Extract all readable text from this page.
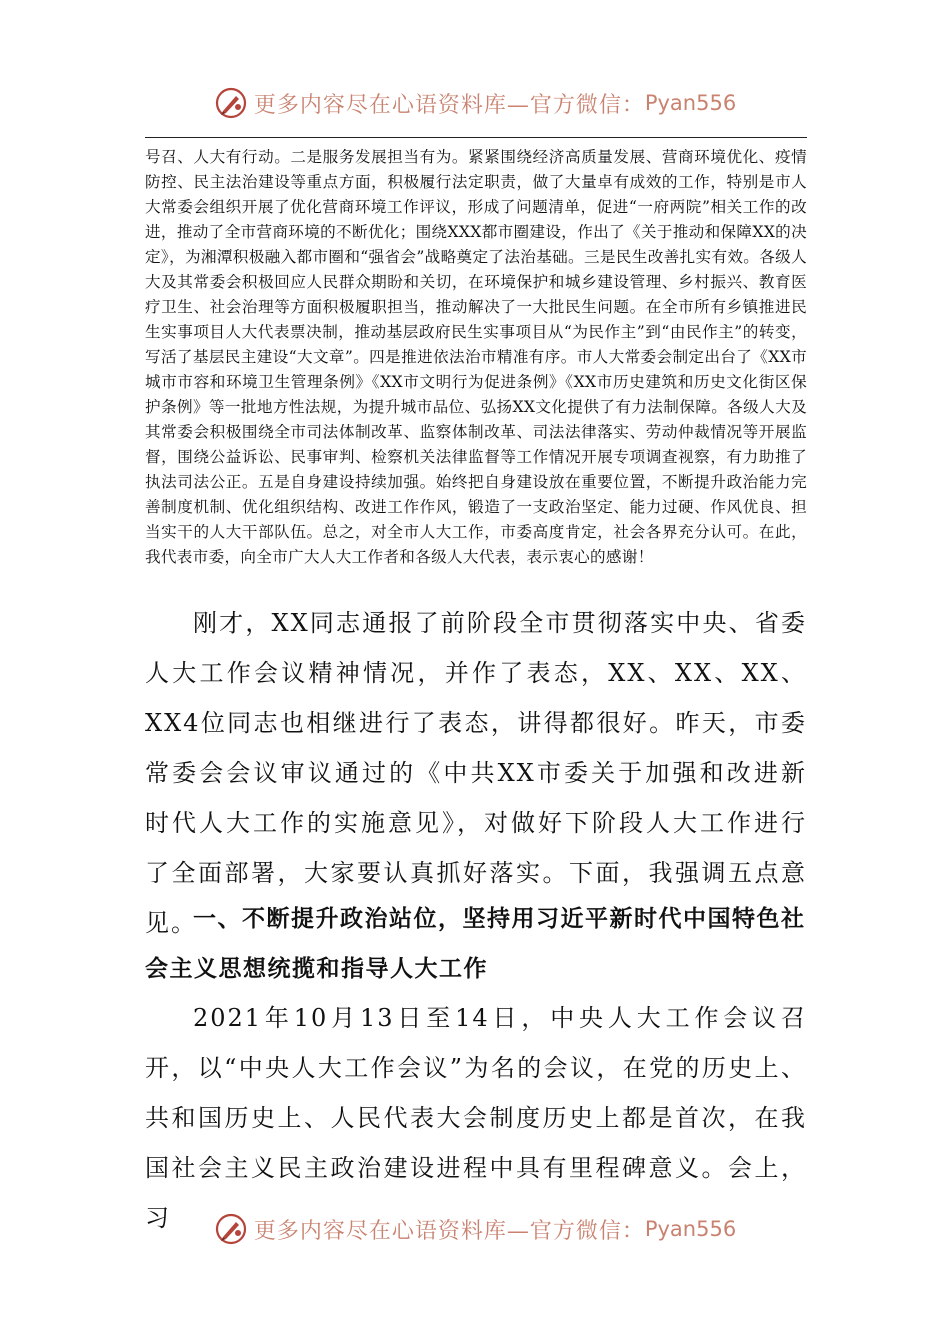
更多内容尽在心语资料库—官方微信： Pyan556
号召、人大有行动。二是服务发展担当有为。紧紧围绕经济高质量发展、营商环境优化、疫情防控、民主法治建设等重点方面，积极履行法定职责，做了大量卓有成效的工作，特别是市人大常委会组织开展了优化营商环境工作评议，形成了问题清单，促进“一府两院”相关工作的改进，推动了全市营商环境的不断优化；围绕XXX都市圈建设，作出了《关于推动和保障XX的决定》，为湘潭积极融入都市圈和“强省会”战略奠定了法治基础。三是民生改善扎实有效。各级人大及其常委会积极回应人民群众期盼和关切，在环境保护和城乡建设管理、乡村振兴、教育医疗卫生、社会治理等方面积极履职担当，推动解决了一大批民生问题。在全市所有乡镇推进民生实事项目人大代表票决制，推动基层政府民生实事项目从“为民作主”到“由民作主”的转变，写活了基层民主建设“大文章”。四是推进依法治市精准有序。市人大常委会制定出台了《XX市城市市容和环境卫生管理条例》《XX市文明行为促进条例》《XX市历史建筑和历史文化街区保护条例》等一批地方性法规，为提升城市品位、弘扬XX文化提供了有力法制保障。各级人大及其常委会积极围绕全市司法体制改革、监察体制改革、司法法律落实、劳动仲裁情况等开展监督，围绕公益诉讼、民事审判、检察机关法律监督等工作情况开展专项调查视察，有力助推了执法司法公正。五是自身建设持续加强。始终把自身建设放在重要位置，不断提升政治能力完善制度机制、优化组织结构、改进工作作风，锻造了一支政治坚定、能力过硬、作风优良、担当实干的人大干部队伍。总之，对全市人大工作，市委高度肯定，社会各界充分认可。在此，我代表市委，向全市广大人大工作者和各级人大代表，表示衷心的感谢！
刚才，XX同志通报了前阶段全市贯彻落实中央、省委人大工作会议精神情况，并作了表态，XX、XX、XX、XX4位同志也相继进行了表态，讲得都很好。昨天，市委常委会会议审议通过的《中共XX市委关于加强和改进新时代人大工作的实施意见》，对做好下阶段人大工作进行了全面部署，大家要认真抓好落实。下面，我强调五点意见。
一、不断提升政治站位，坚持用习近平新时代中国特色社会主义思想统揽和指导人大工作
2021年10月13日至14日，中央人大工作会议召开，以“中央人大工作会议”为名的会议，在党的历史上、共和国历史上、人民代表大会制度历史上都是首次，在我国社会主义民主政治建设进程中具有里程碑意义。会上，习	更多内容尽在心语资料库—官方微信： Pyan556
